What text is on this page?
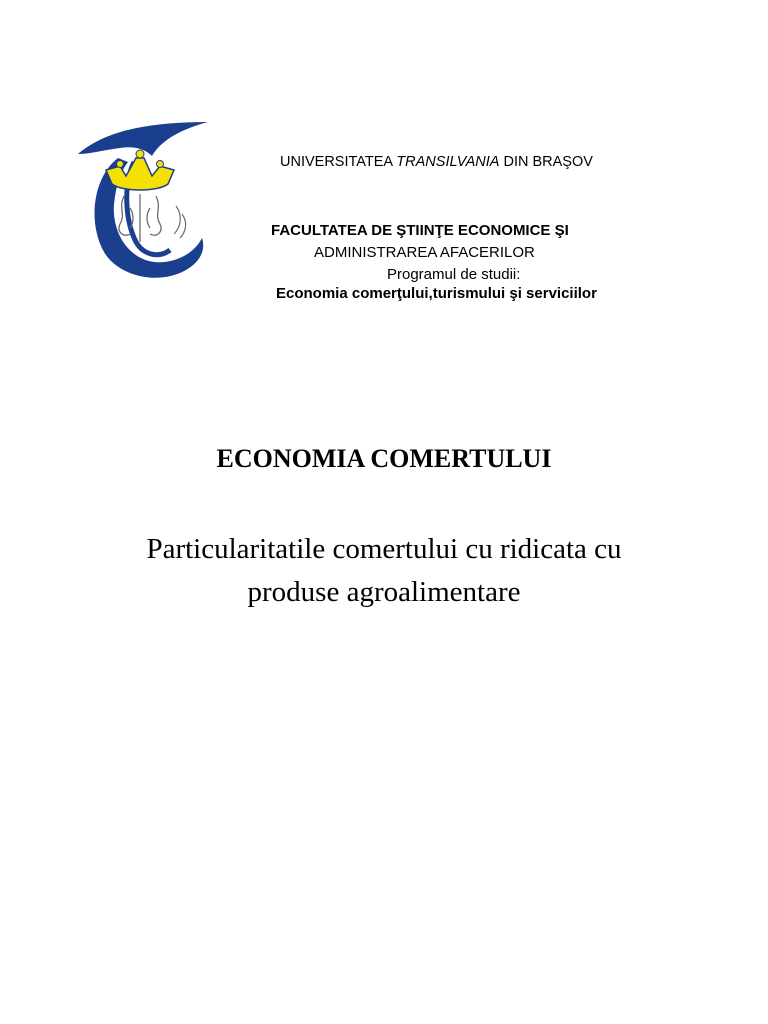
UNIVERSITATEA TRANSILVANIA DIN BRAŞOV

FACULTATEA DE ŞTIINŢE ECONOMICE ŞI

ADMINISTRAREA AFACERILOR

Programul de studii:

Economia comerţului,turismului şi serviciilor

ECONOMIA COMERTULUI
Particularitatile comertului cu ridicata cu
produse agroalimentare
